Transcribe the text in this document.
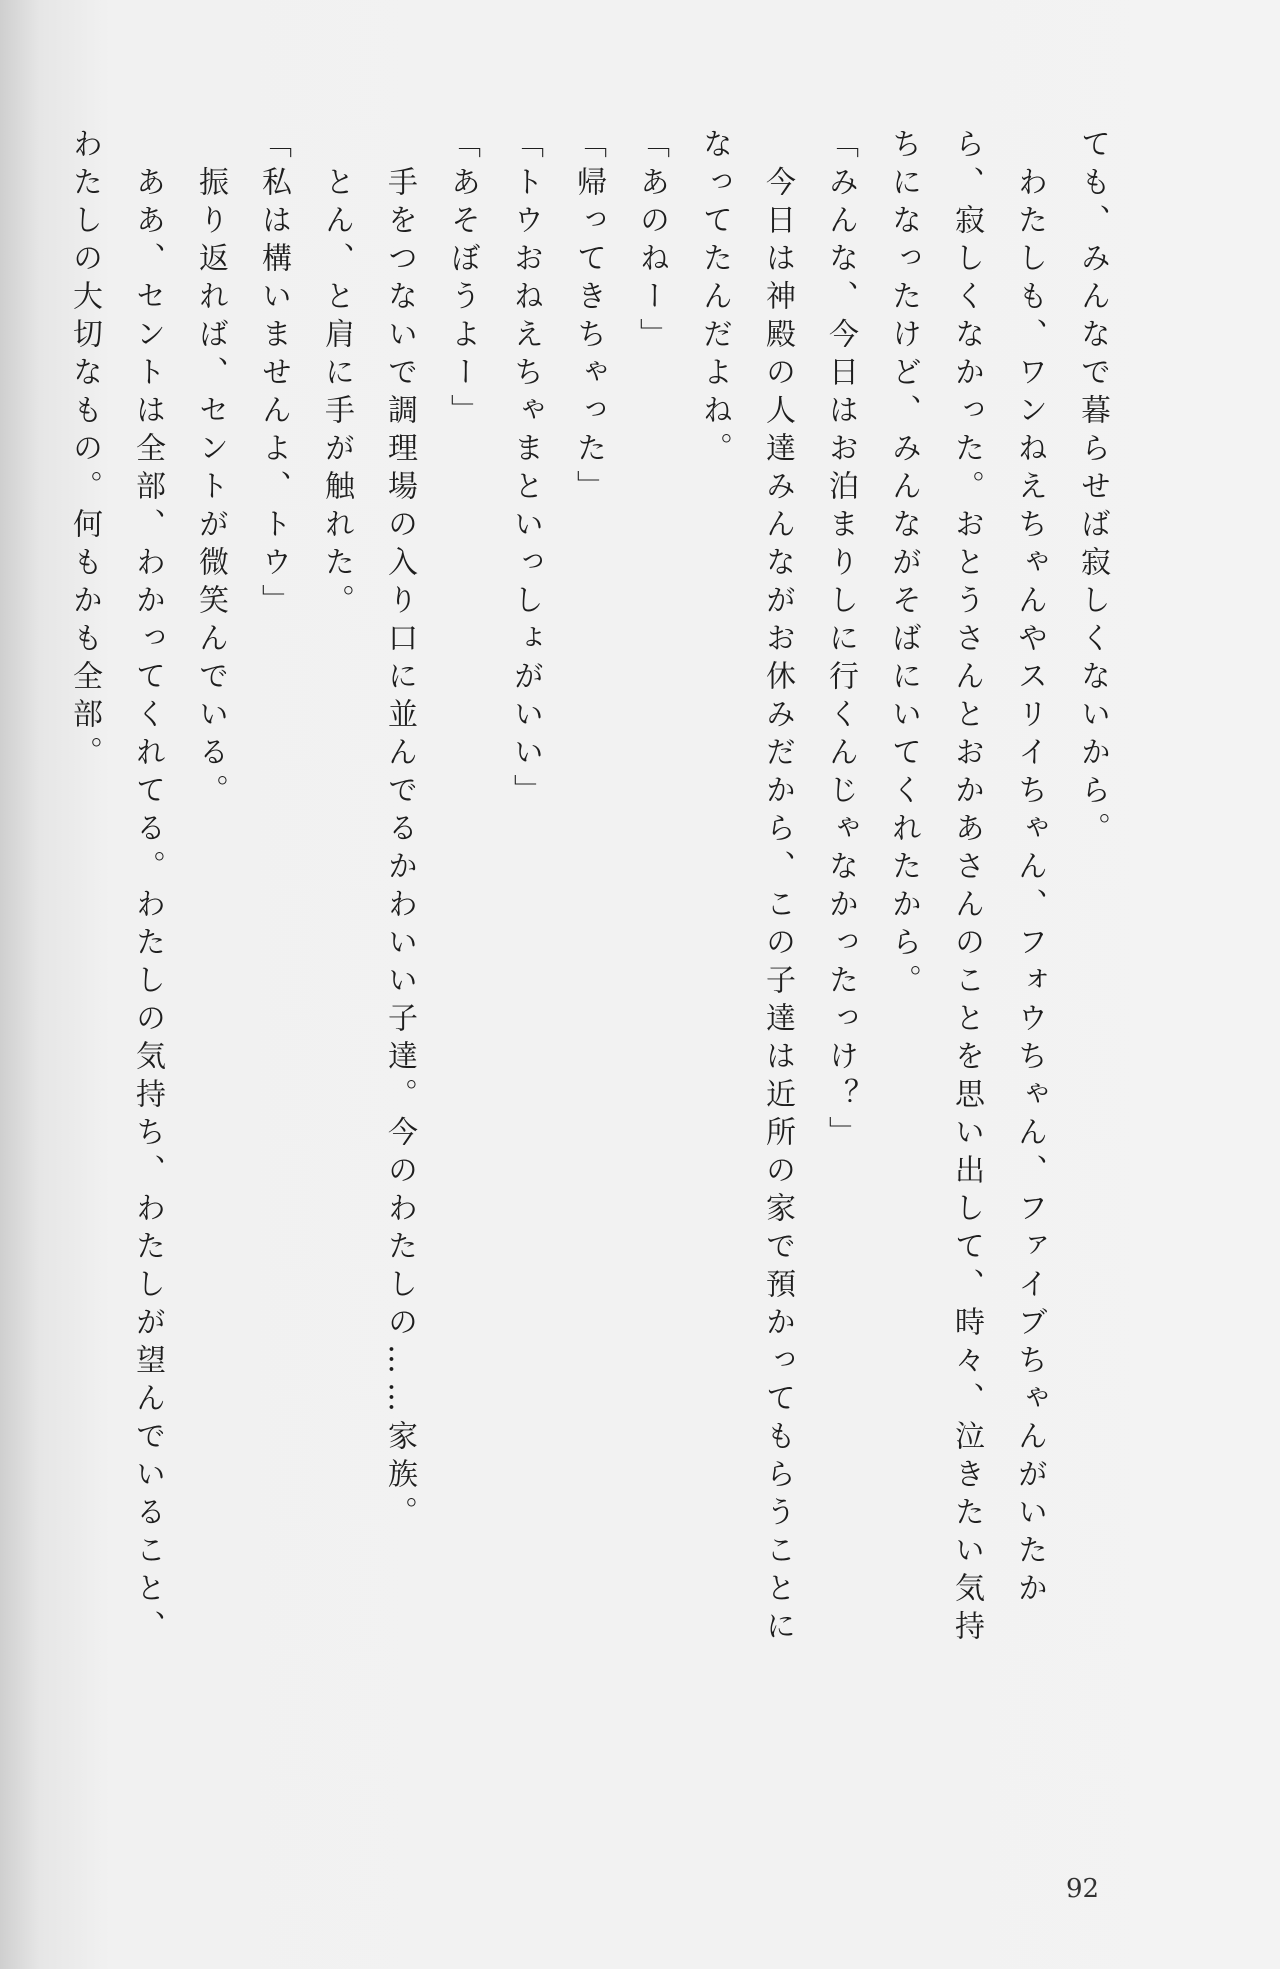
ても、みんなで暮らせば寂しくないから。

わたしも、ワンねえちゃんやスリイちゃん、フォウちゃん、ファイブちゃんがいたか

ら、寂しくなかった。おとうさんとおかあさんのことを思い出して、時々、泣きたい気持

ちになったけど、みんながそばにいてくれたから。

「みんな、今日はお泊まりしに行くんじゃなかったっけ？」

今日は神殿の人達みんながお休みだから、この子達は近所の家で預かってもらうことに

なってたんだよね。

「あのねー」

「帰ってきちゃった」

「トウおねえちゃまといっしょがいい」

「あそぼうよー」

手をつないで調理場の入り口に並んでるかわいい子達。今のわたしの……家族。

とん、と肩に手が触れた。

「私は構いませんよ、トウ」

振り返れば、セントが微笑んでいる。

ああ、セントは全部、わかってくれてる。わたしの気持ち、わたしが望んでいること、

わたしの大切なもの。何もかも全部。

92
